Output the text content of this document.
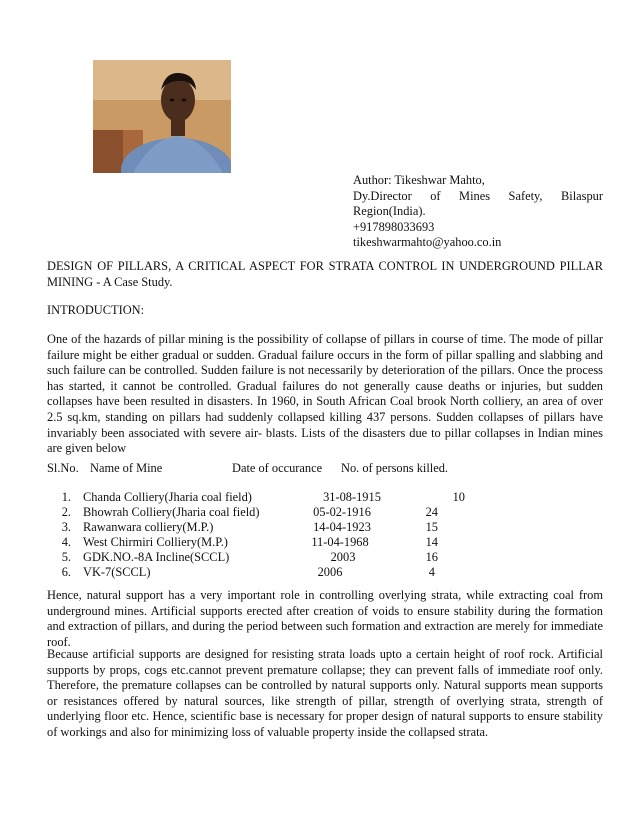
Author: Tikeshwar Mahto,
Dy.Director of Mines Safety, Bilaspur
Region(India).
+917898033693
tikeshwarmahto@yahoo.co.in
DESIGN OF PILLARS, A CRITICAL ASPECT FOR STRATA CONTROL IN UNDERGROUND PILLAR MINING - A Case Study.
INTRODUCTION:
One of the hazards of pillar mining is the possibility of collapse of pillars in course of time. The mode of pillar failure might be either gradual or sudden. Gradual failure occurs in the form of pillar spalling and slabbing and such failure can be controlled. Sudden failure is not necessarily by deterioration of the pillars. Once the process has started, it cannot be controlled. Gradual failures do not generally cause deaths or injuries, but sudden collapses have been resulted in disasters. In 1960, in South African Coal brook North colliery, an area of over 2.5 sq.km, standing on pillars had suddenly collapsed killing 437 persons. Sudden collapses of pillars have invariably been associated with severe air- blasts. Lists of the disasters due to pillar collapses in Indian mines are given below
Sl.No. Name of Mine	Date of occurance No. of persons killed.
1. Chanda Colliery(Jharia coal field)	31-08-1915	10
2. Bhowrah Colliery(Jharia coal field)	05-02-1916	24
3. Rawanwara colliery(M.P.)	14-04-1923	15
4. West Chirmiri Colliery(M.P.)	11-04-1968	14
5. GDK.NO.-8A Incline(SCCL)	2003	16
6. VK-7(SCCL)	2006	4
Hence, natural support has a very important role in controlling overlying strata, while extracting coal from underground mines. Artificial supports erected after creation of voids to ensure stability during the formation and extraction of pillars, and during the period between such formation and extraction are merely for immediate roof.
Because artificial supports are designed for resisting strata loads upto a certain height of roof rock. Artificial supports by props, cogs etc.cannot prevent premature collapse; they can prevent falls of immediate roof only. Therefore, the premature collapses can be controlled by natural supports only. Natural supports mean supports or resistances offered by natural sources, like strength of pillar, strength of overlying strata, strength of underlying floor etc. Hence, scientific base is necessary for proper design of natural supports to ensure stability of workings and also for minimizing loss of valuable property inside the collapsed strata.
